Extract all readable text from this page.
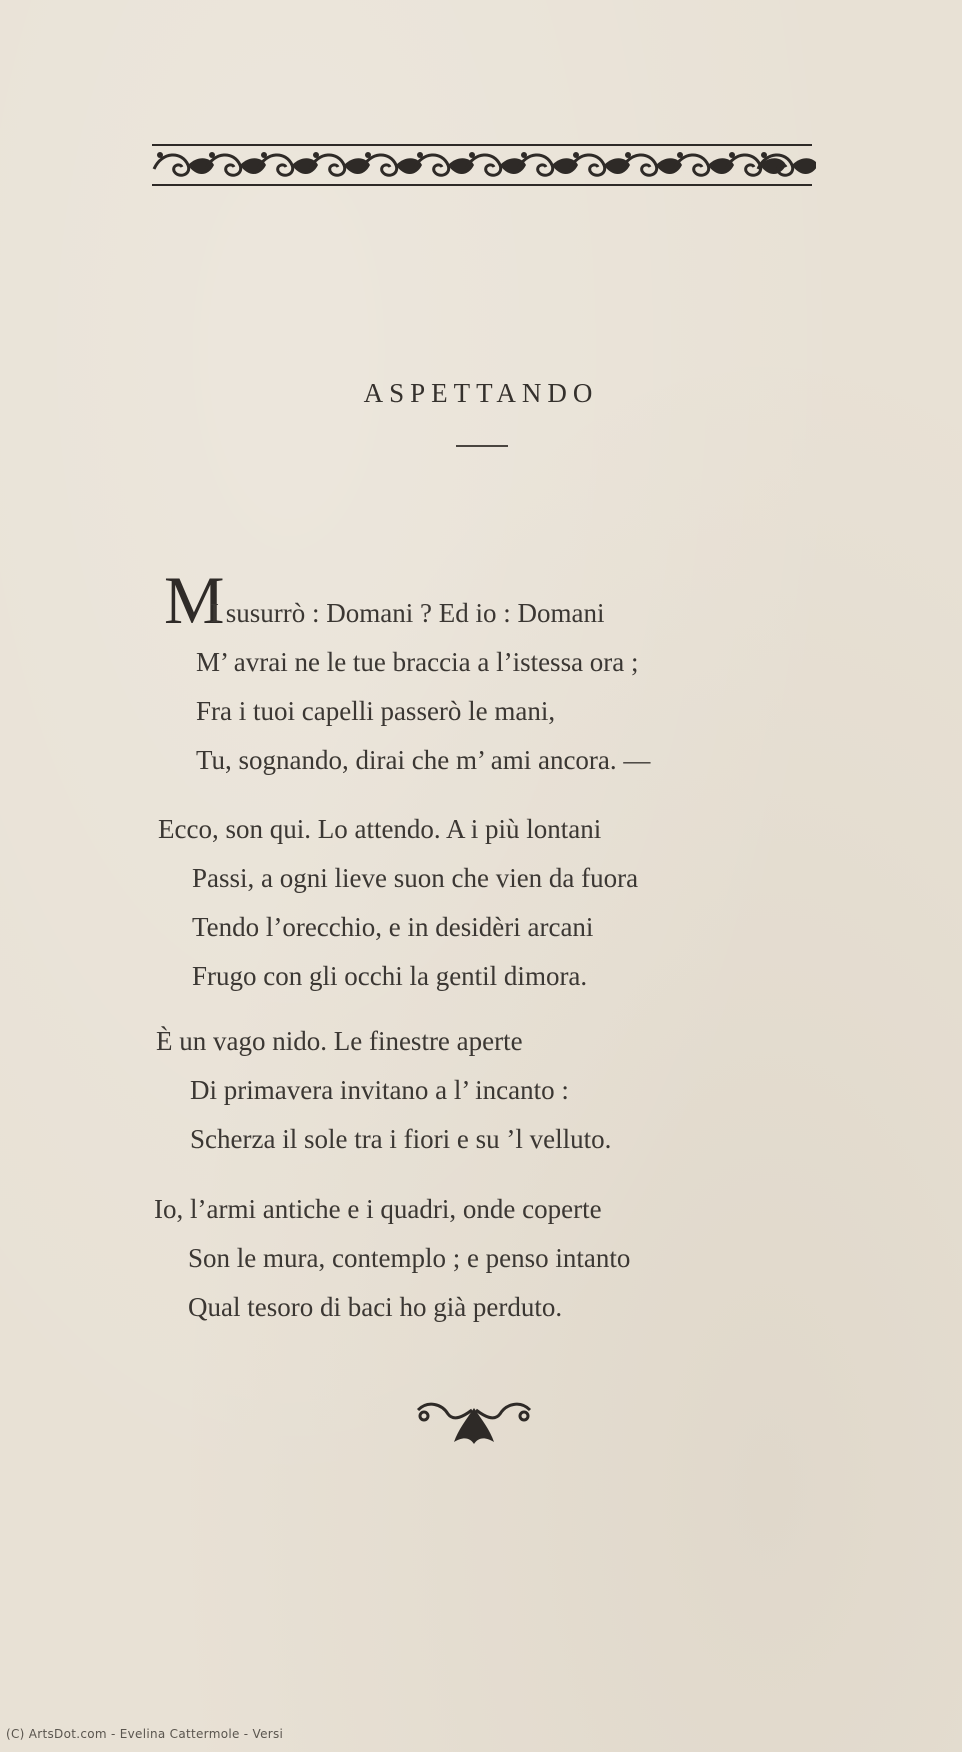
ASPETTANDO
M
I susurrò : Domani ? Ed io : Domani
M’ avrai ne le tue braccia a l’istessa ora ;
Fra i tuoi capelli passerò le mani,
Tu, sognando, dirai che m’ ami ancora. —
Ecco, son qui. Lo attendo. A i più lontani
Passi, a ogni lieve suon che vien da fuora
Tendo l’orecchio, e in desidèri arcani
Frugo con gli occhi la gentil dimora.
È un vago nido. Le finestre aperte
Di primavera invitano a l’ incanto :
Scherza il sole tra i fiori e su ’l velluto.
Io, l’armi antiche e i quadri, onde coperte
Son le mura, contemplo ; e penso intanto
Qual tesoro di baci ho già perduto.
(C) ArtsDot.com - Evelina Cattermole - Versi
